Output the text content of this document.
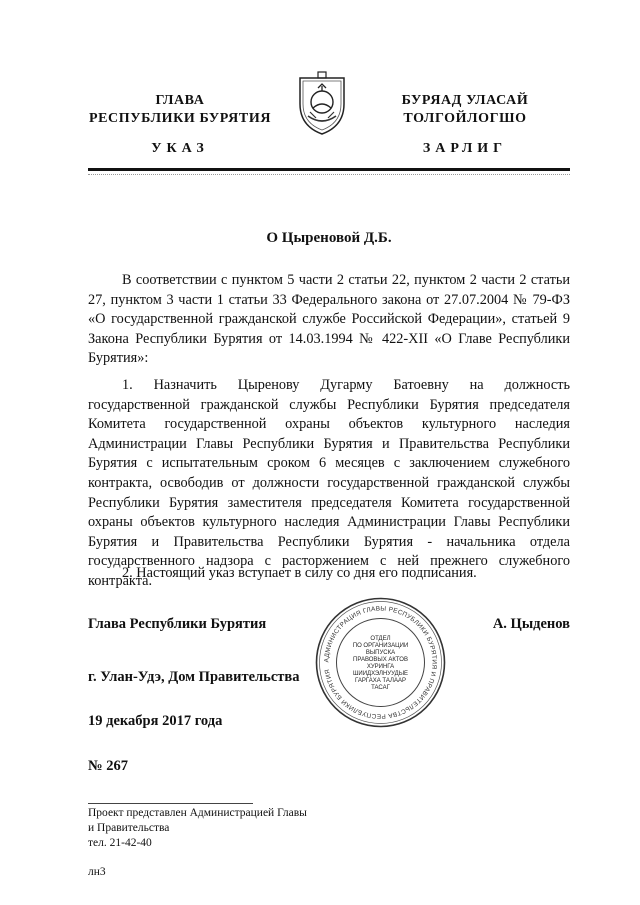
ГЛАВА
РЕСПУБЛИКИ БУРЯТИЯ
БУРЯАД УЛАСАЙ
ТОЛГОЙЛОГШО
УКАЗ	ЗАРЛИГ
О Цыреновой Д.Б.

В соответствии с пунктом 5 части 2 статьи 22, пунктом 2 части 2 статьи 27, пунктом 3 части 1 статьи 33 Федерального закона от 27.07.2004 № 79-ФЗ «О государственной гражданской службе Российской Федерации», статьей 9 Закона Республики Бурятия от 14.03.1994 № 422-XII «О Главе Республики Бурятия»:

1. Назначить Цыренову Дугарму Батоевну на должность государственной гражданской службы Республики Бурятия председателя Комитета государственной охраны объектов культурного наследия Администрации Главы Республики Бурятия и Правительства Республики Бурятия с испытательным сроком 6 месяцев с заключением служебного контракта, освободив от должности государственной гражданской службы Республики Бурятия заместителя председателя Комитета государственной охраны объектов культурного наследия Администрации Главы Республики Бурятия и Правительства Республики Бурятия - начальника отдела государственного надзора с расторжением с ней прежнего служебного контракта.

2. Настоящий указ вступает в силу со дня его подписания.

Глава Республики Бурятия	А. Цыденов
АДМИНИСТРАЦИЯ ГЛАВЫ РЕСПУБЛИКИ БУРЯТИЯ И ПРАВИТЕЛЬСТВА РЕСПУБЛИКИ БУРЯТИЯ
ОТДЕЛ
ПО ОРГАНИЗАЦИИ
ВЫПУСКА
ПРАВОВЫХ АКТОВ
ХУРИНГА
ШИИДХЭЛНУУДЫЕ
ГАРГАХА ТАЛААР
ТАСАГ
г. Улан-Удэ, Дом Правительства
19 декабря 2017 года
№ 267
Проект представлен Администрацией Главы
и Правительства
тел. 21-42-40
лн3
